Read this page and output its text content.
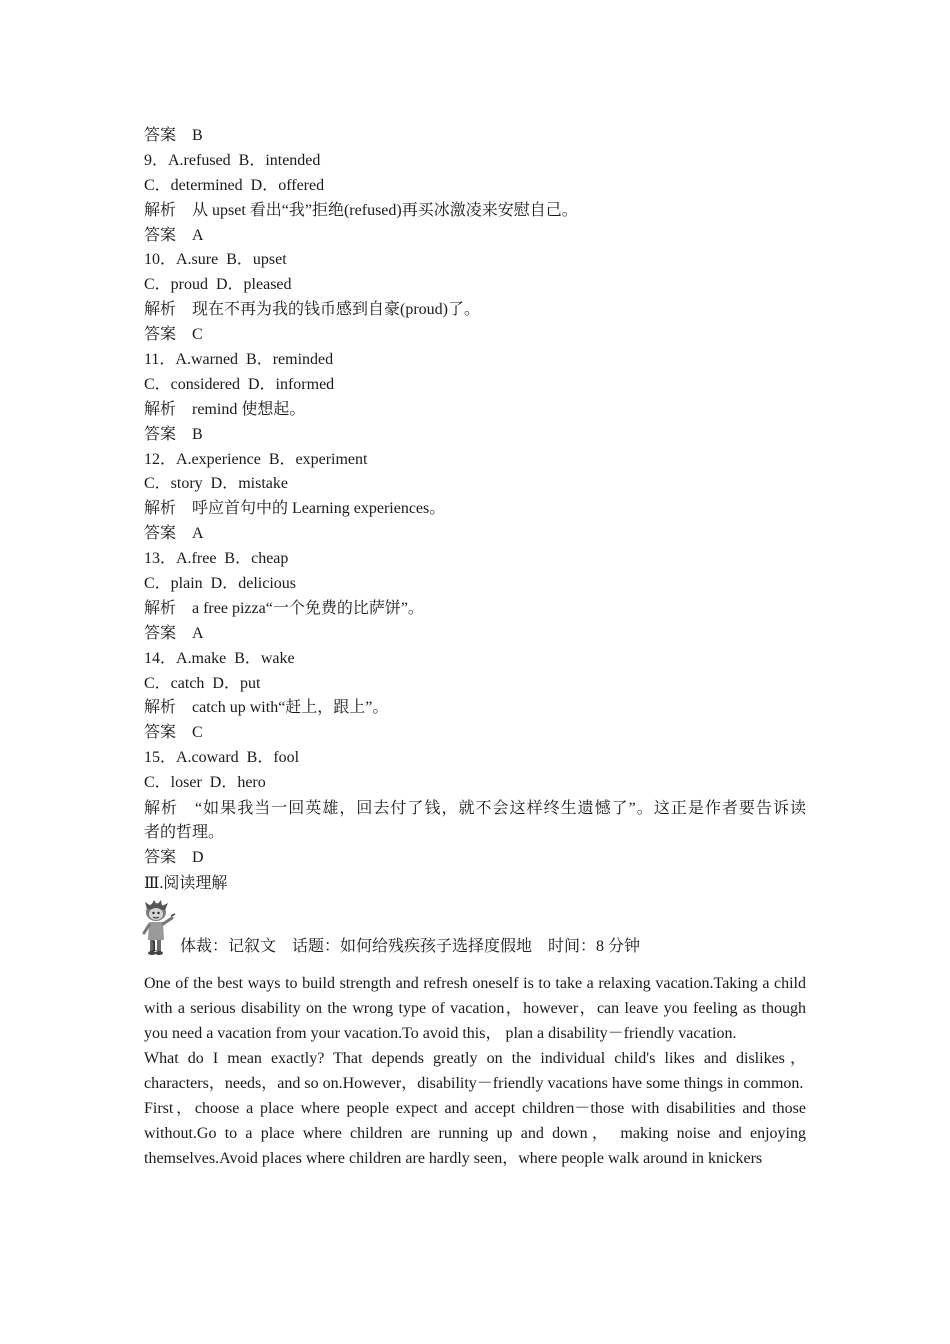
答案　B
9．A.refused  B．intended
C．determined  D．offered
解析　从 upset 看出“我”拒绝(refused)再买冰激凌来安慰自己。
答案　A
10．A.sure  B．upset
C．proud  D．pleased
解析　现在不再为我的钱币感到自豪(proud)了。
答案　C
11．A.warned  B．reminded
C．considered  D．informed
解析　remind 使想起。
答案　B
12．A.experience  B．experiment
C．story  D．mistake
解析　呼应首句中的 Learning experiences。
答案　A
13．A.free  B．cheap
C．plain  D．delicious
解析　a free pizza“一个免费的比萨饼”。
答案　A
14．A.make  B．wake
C．catch  D．put
解析　catch up with“赶上，跟上”。
答案　C
15．A.coward  B．fool
C．loser  D．hero
解析　“如果我当一回英雄，回去付了钱，就不会这样终生遗憾了”。这正是作者要告诉读
者的哲理。
答案　D
Ⅲ.阅读理解
1 体裁：记叙文　话题：如何给残疾孩子选择度假地　时间：8 分钟
One of the best ways to build strength and refresh oneself is to take a relaxing vacation.Taking a child with a serious disability on the wrong type of vacation，however，can leave you feeling as though you need a vacation from your vacation.To avoid this， plan a disability－friendly vacation.
What do I mean exactly? That depends greatly on the individual child's likes and dislikes，characters，needs，and so on.However，disability－friendly vacations have some things in common.
First，choose a place where people expect and accept children－those with disabilities and those without.Go to a place where children are running up and down， making noise and enjoying themselves.Avoid places where children are hardly seen，where people walk around in knickers
